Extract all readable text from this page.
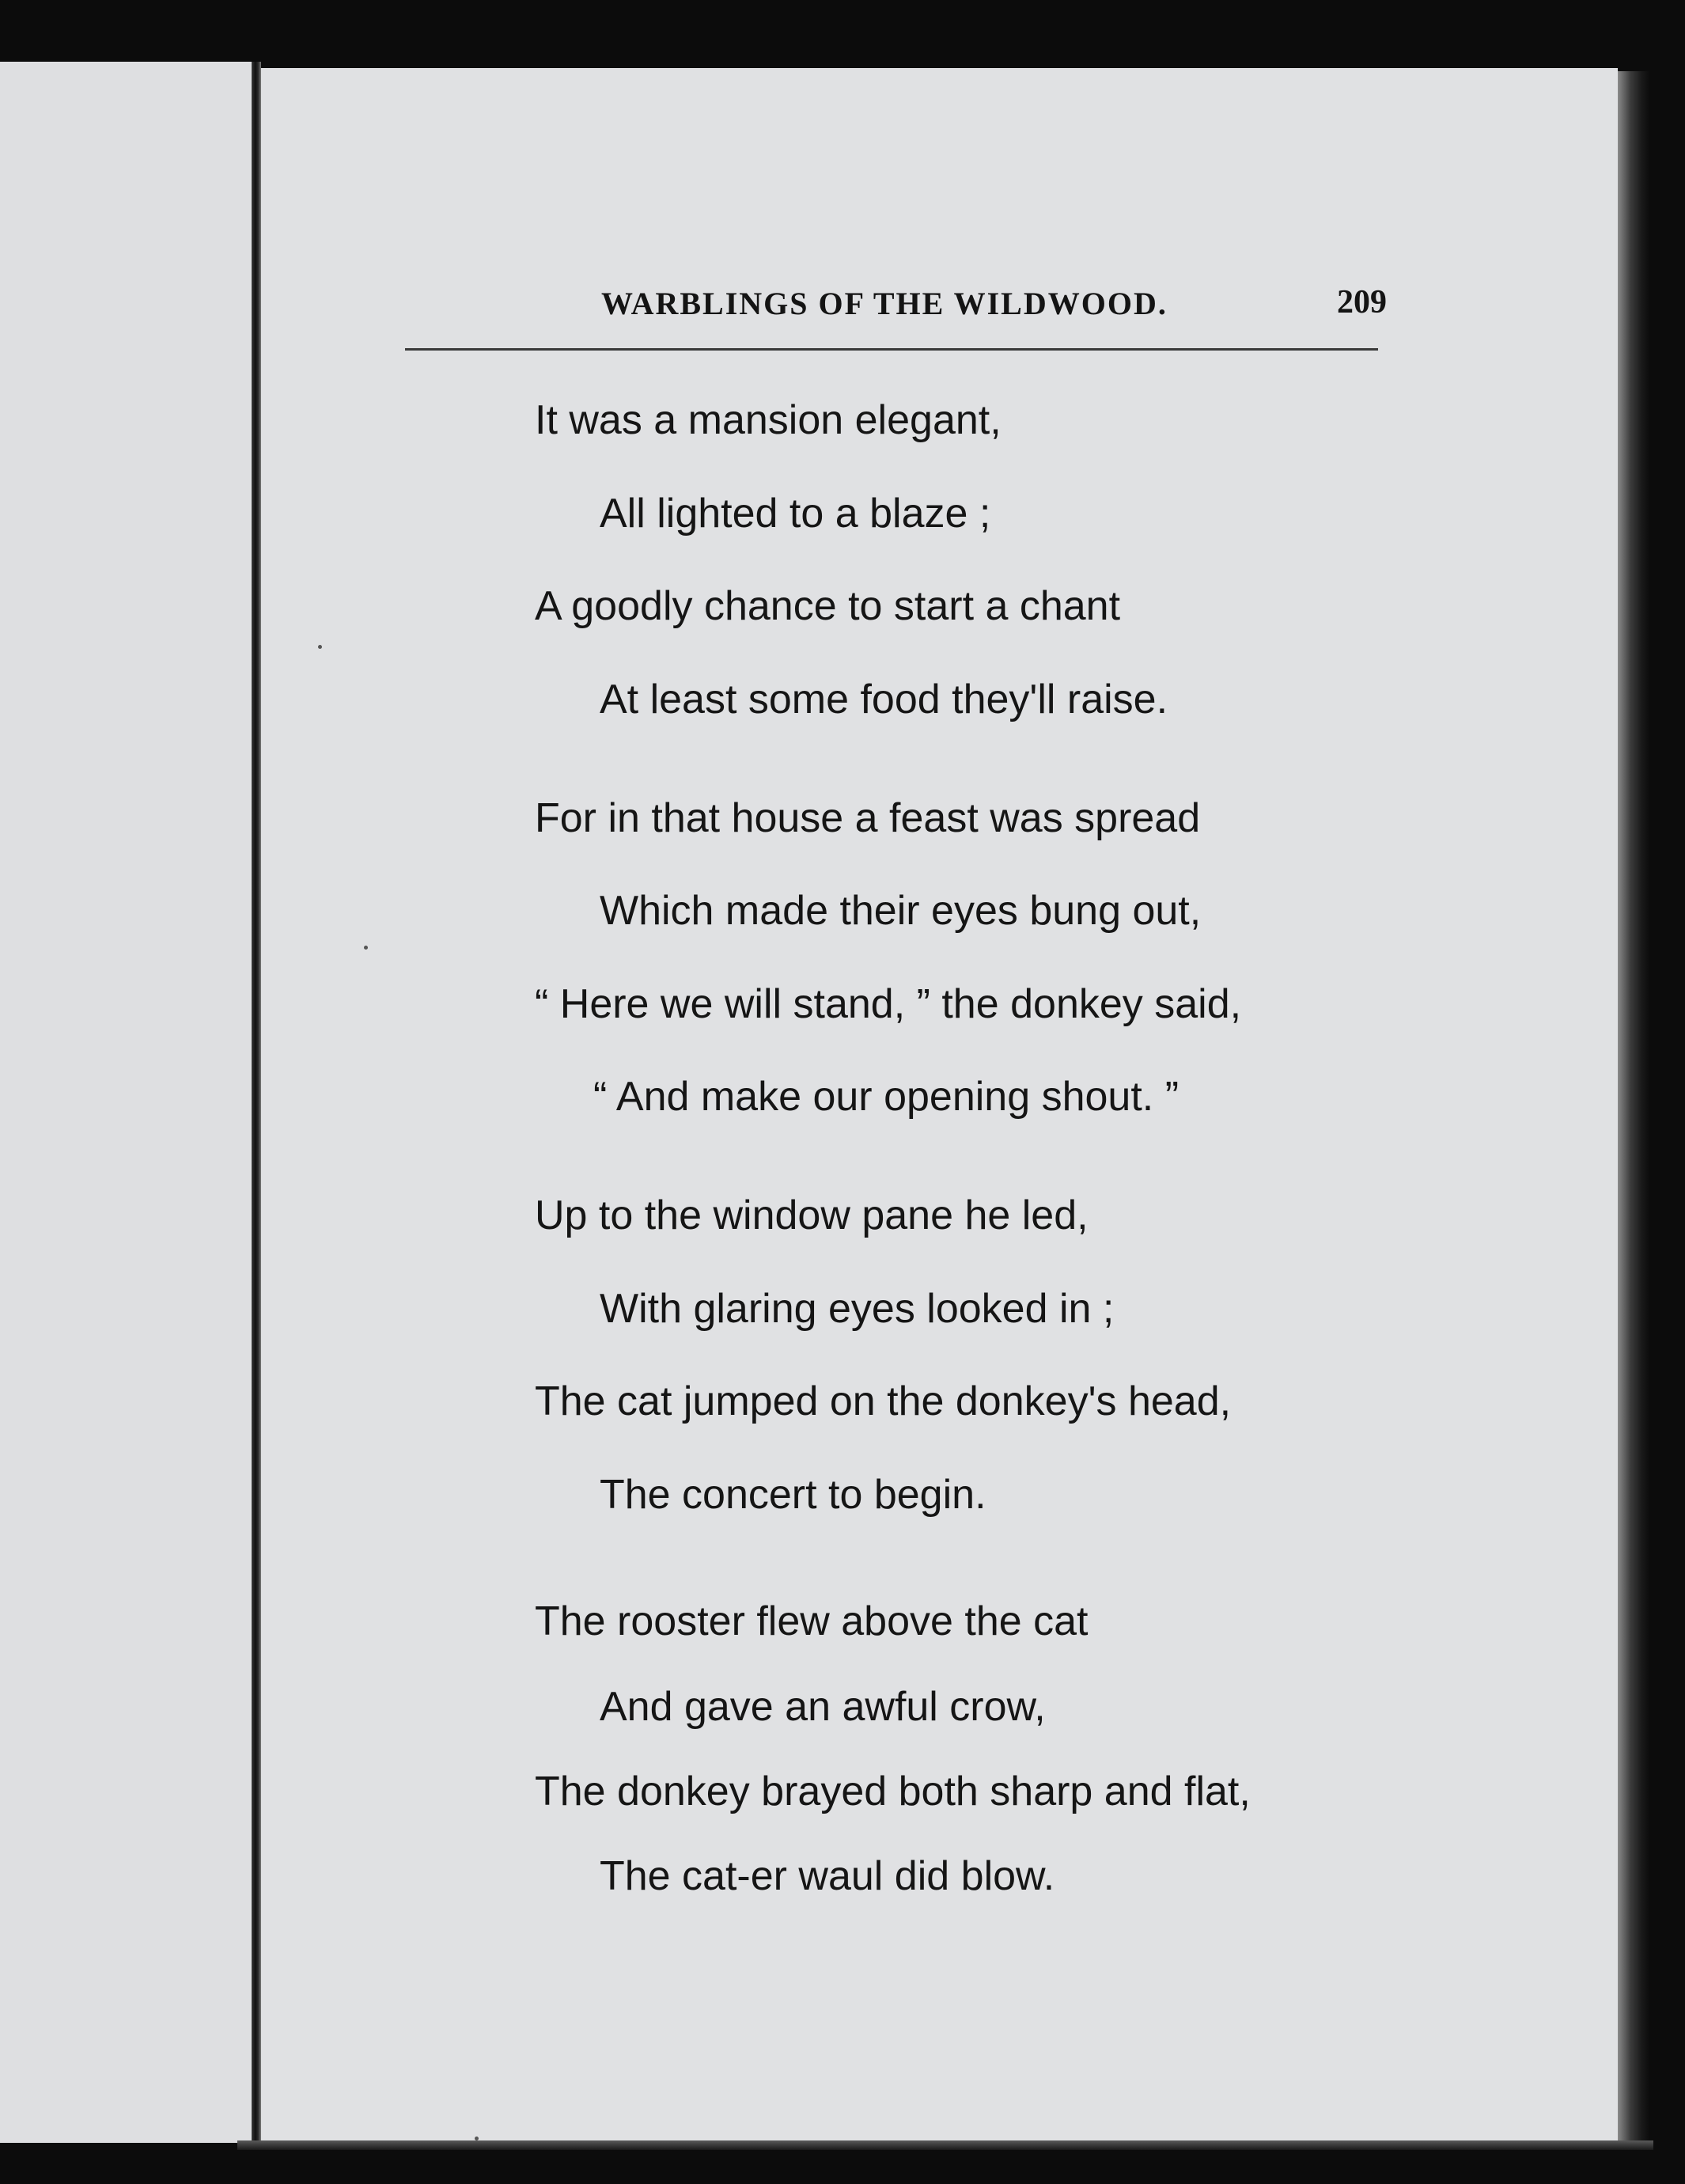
WARBLINGS OF THE WILDWOOD.	209
It was a mansion elegant,
All lighted to a blaze ;
A goodly chance to start a chant
At least some food they'll raise.
For in that house a feast was spread
Which made their eyes bung out,
“ Here we will stand, ” the donkey said,
“ And make our opening shout. ”
Up to the window pane he led,
With glaring eyes looked in ;
The cat jumped on the donkey's head,
The concert to begin.
The rooster flew above the cat
And gave an awful crow,
The donkey brayed both sharp and flat,
The cat-er waul did blow.
